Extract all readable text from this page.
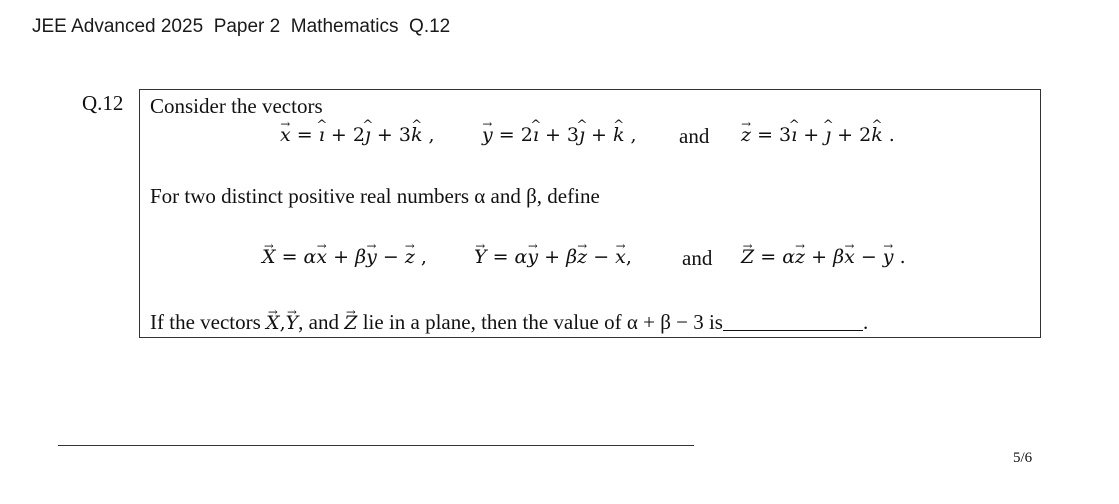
JEE Advanced 2025  Paper 2  Mathematics  Q.12
Q.12 Consider the vectors
→ x = ^ ı + 2^ ȷ + 3^ k , → y = 2^ ı + 3^ ȷ + ^ k , and → z = 3^ ı + ^ ȷ + 2^ k .
For two distinct positive real numbers α and β, define
→ X = α→ x + β→ y − → z , → Y = α→ y + β→ z − → x, and → Z = α→ z + β→ x − → y .
If the vectors → X,→ Y, and → Z lie in a plane, then the value of α + β − 3 is	.
5/6
